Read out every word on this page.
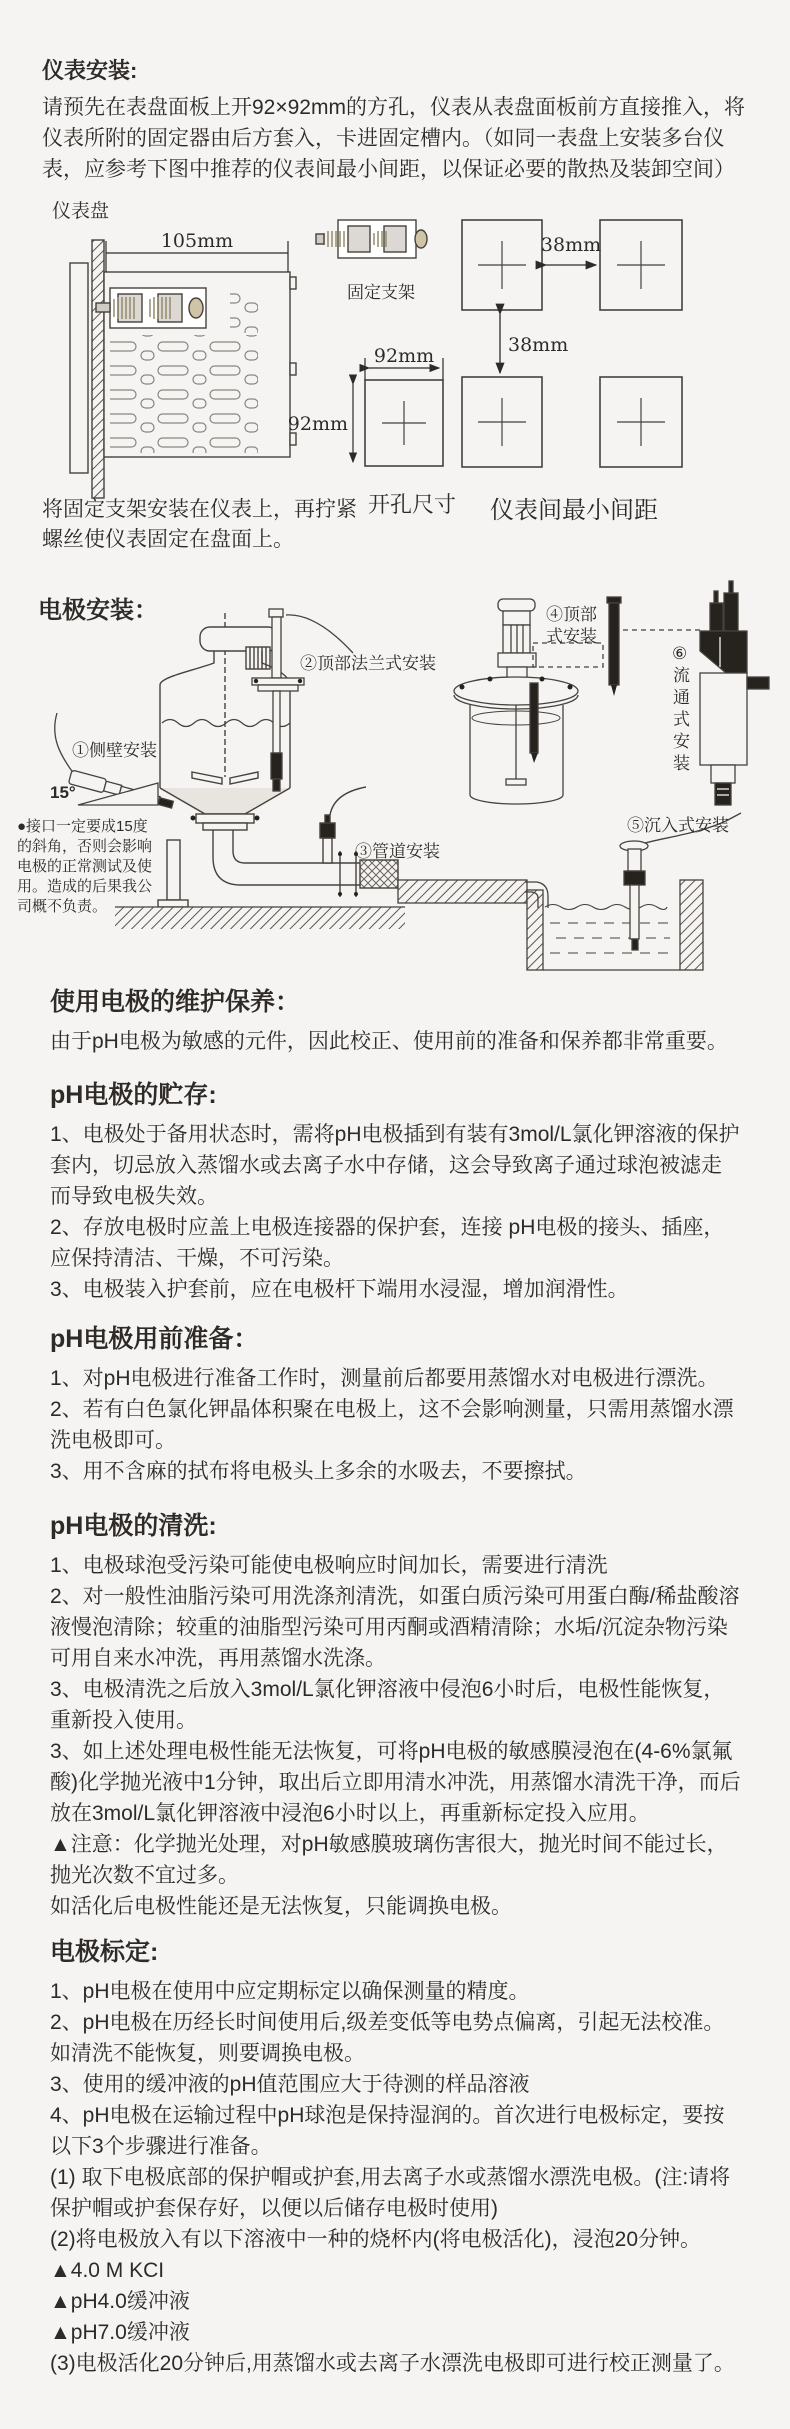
仪表安装:
请预先在表盘面板上开92×92mm的方孔，仪表从表盘面板前方直接推入，将仪表所附的固定器由后方套入，卡进固定槽内。（如同一表盘上安装多台仪表，应参考下图中推荐的仪表间最小间距，以保证必要的散热及装卸空间）
仪表盘
105mm
固定支架
92mm
92mm
38mm
38mm
开孔尺寸 仪表间最小间距
将固定支架安装在仪表上，再拧紧
螺丝使仪表固定在盘面上。
电极安装：
①侧壁安装
15°
②顶部法兰式安装
③管道安装
④顶部
式安装
⑤沉入式安装
⑥
流
通
式
安
装
●接口一定要成15度
的斜角，否则会影响
电极的正常测试及使
用。造成的后果我公
司概不负责。
使用电极的维护保养：

由于pH电极为敏感的元件，因此校正、使用前的准备和保养都非常重要。

pH电极的贮存:

1、电极处于备用状态时，需将pH电极插到有装有3mol/L氯化钾溶液的保护套内，切忌放入蒸馏水或去离子水中存储，这会导致离子通过球泡被滤走而导致电极失效。

2、存放电极时应盖上电极连接器的保护套，连接 pH电极的接头、插座，应保持清洁、干燥，不可污染。

3、电极装入护套前，应在电极杆下端用水浸湿，增加润滑性。

pH电极用前准备：

1、对pH电极进行准备工作时，测量前后都要用蒸馏水对电极进行漂洗。

2、若有白色氯化钾晶体积聚在电极上，这不会影响测量，只需用蒸馏水漂洗电极即可。

3、用不含麻的拭布将电极头上多余的水吸去，不要擦拭。

pH电极的清洗:

1、电极球泡受污染可能使电极响应时间加长，需要进行清洗

2、对一般性油脂污染可用洗涤剂清洗，如蛋白质污染可用蛋白酶/稀盐酸溶液慢泡清除；较重的油脂型污染可用丙酮或酒精清除；水垢/沉淀杂物污染可用自来水冲洗，再用蒸馏水洗涤。

3、电极清洗之后放入3mol/L氯化钾溶液中侵泡6小时后，电极性能恢复，重新投入使用。

3、如上述处理电极性能无法恢复，可将pH电极的敏感膜浸泡在(4-6%氯氟酸)化学抛光液中1分钟，取出后立即用清水冲洗，用蒸馏水清洗干净，而后放在3mol/L氯化钾溶液中浸泡6小时以上，再重新标定投入应用。

▲注意：化学抛光处理，对pH敏感膜玻璃伤害很大，抛光时间不能过长，抛光次数不宜过多。

如活化后电极性能还是无法恢复，只能调换电极。

电极标定:

1、pH电极在使用中应定期标定以确保测量的精度。

2、pH电极在历经长时间使用后,级差变低等电势点偏离，引起无法校准。如清洗不能恢复，则要调换电极。

3、使用的缓冲液的pH值范围应大于待测的样品溶液

4、pH电极在运输过程中pH球泡是保持湿润的。首次进行电极标定，要按以下3个步骤进行准备。

(1) 取下电极底部的保护帽或护套,用去离子水或蒸馏水漂洗电极。(注:请将保护帽或护套保存好，以便以后储存电极时使用)

(2)将电极放入有以下溶液中一种的烧杯内(将电极活化)，浸泡20分钟。

▲4.0 M KCI

▲pH4.0缓冲液

▲pH7.0缓冲液

(3)电极活化20分钟后,用蒸馏水或去离子水漂洗电极即可进行校正测量了。
